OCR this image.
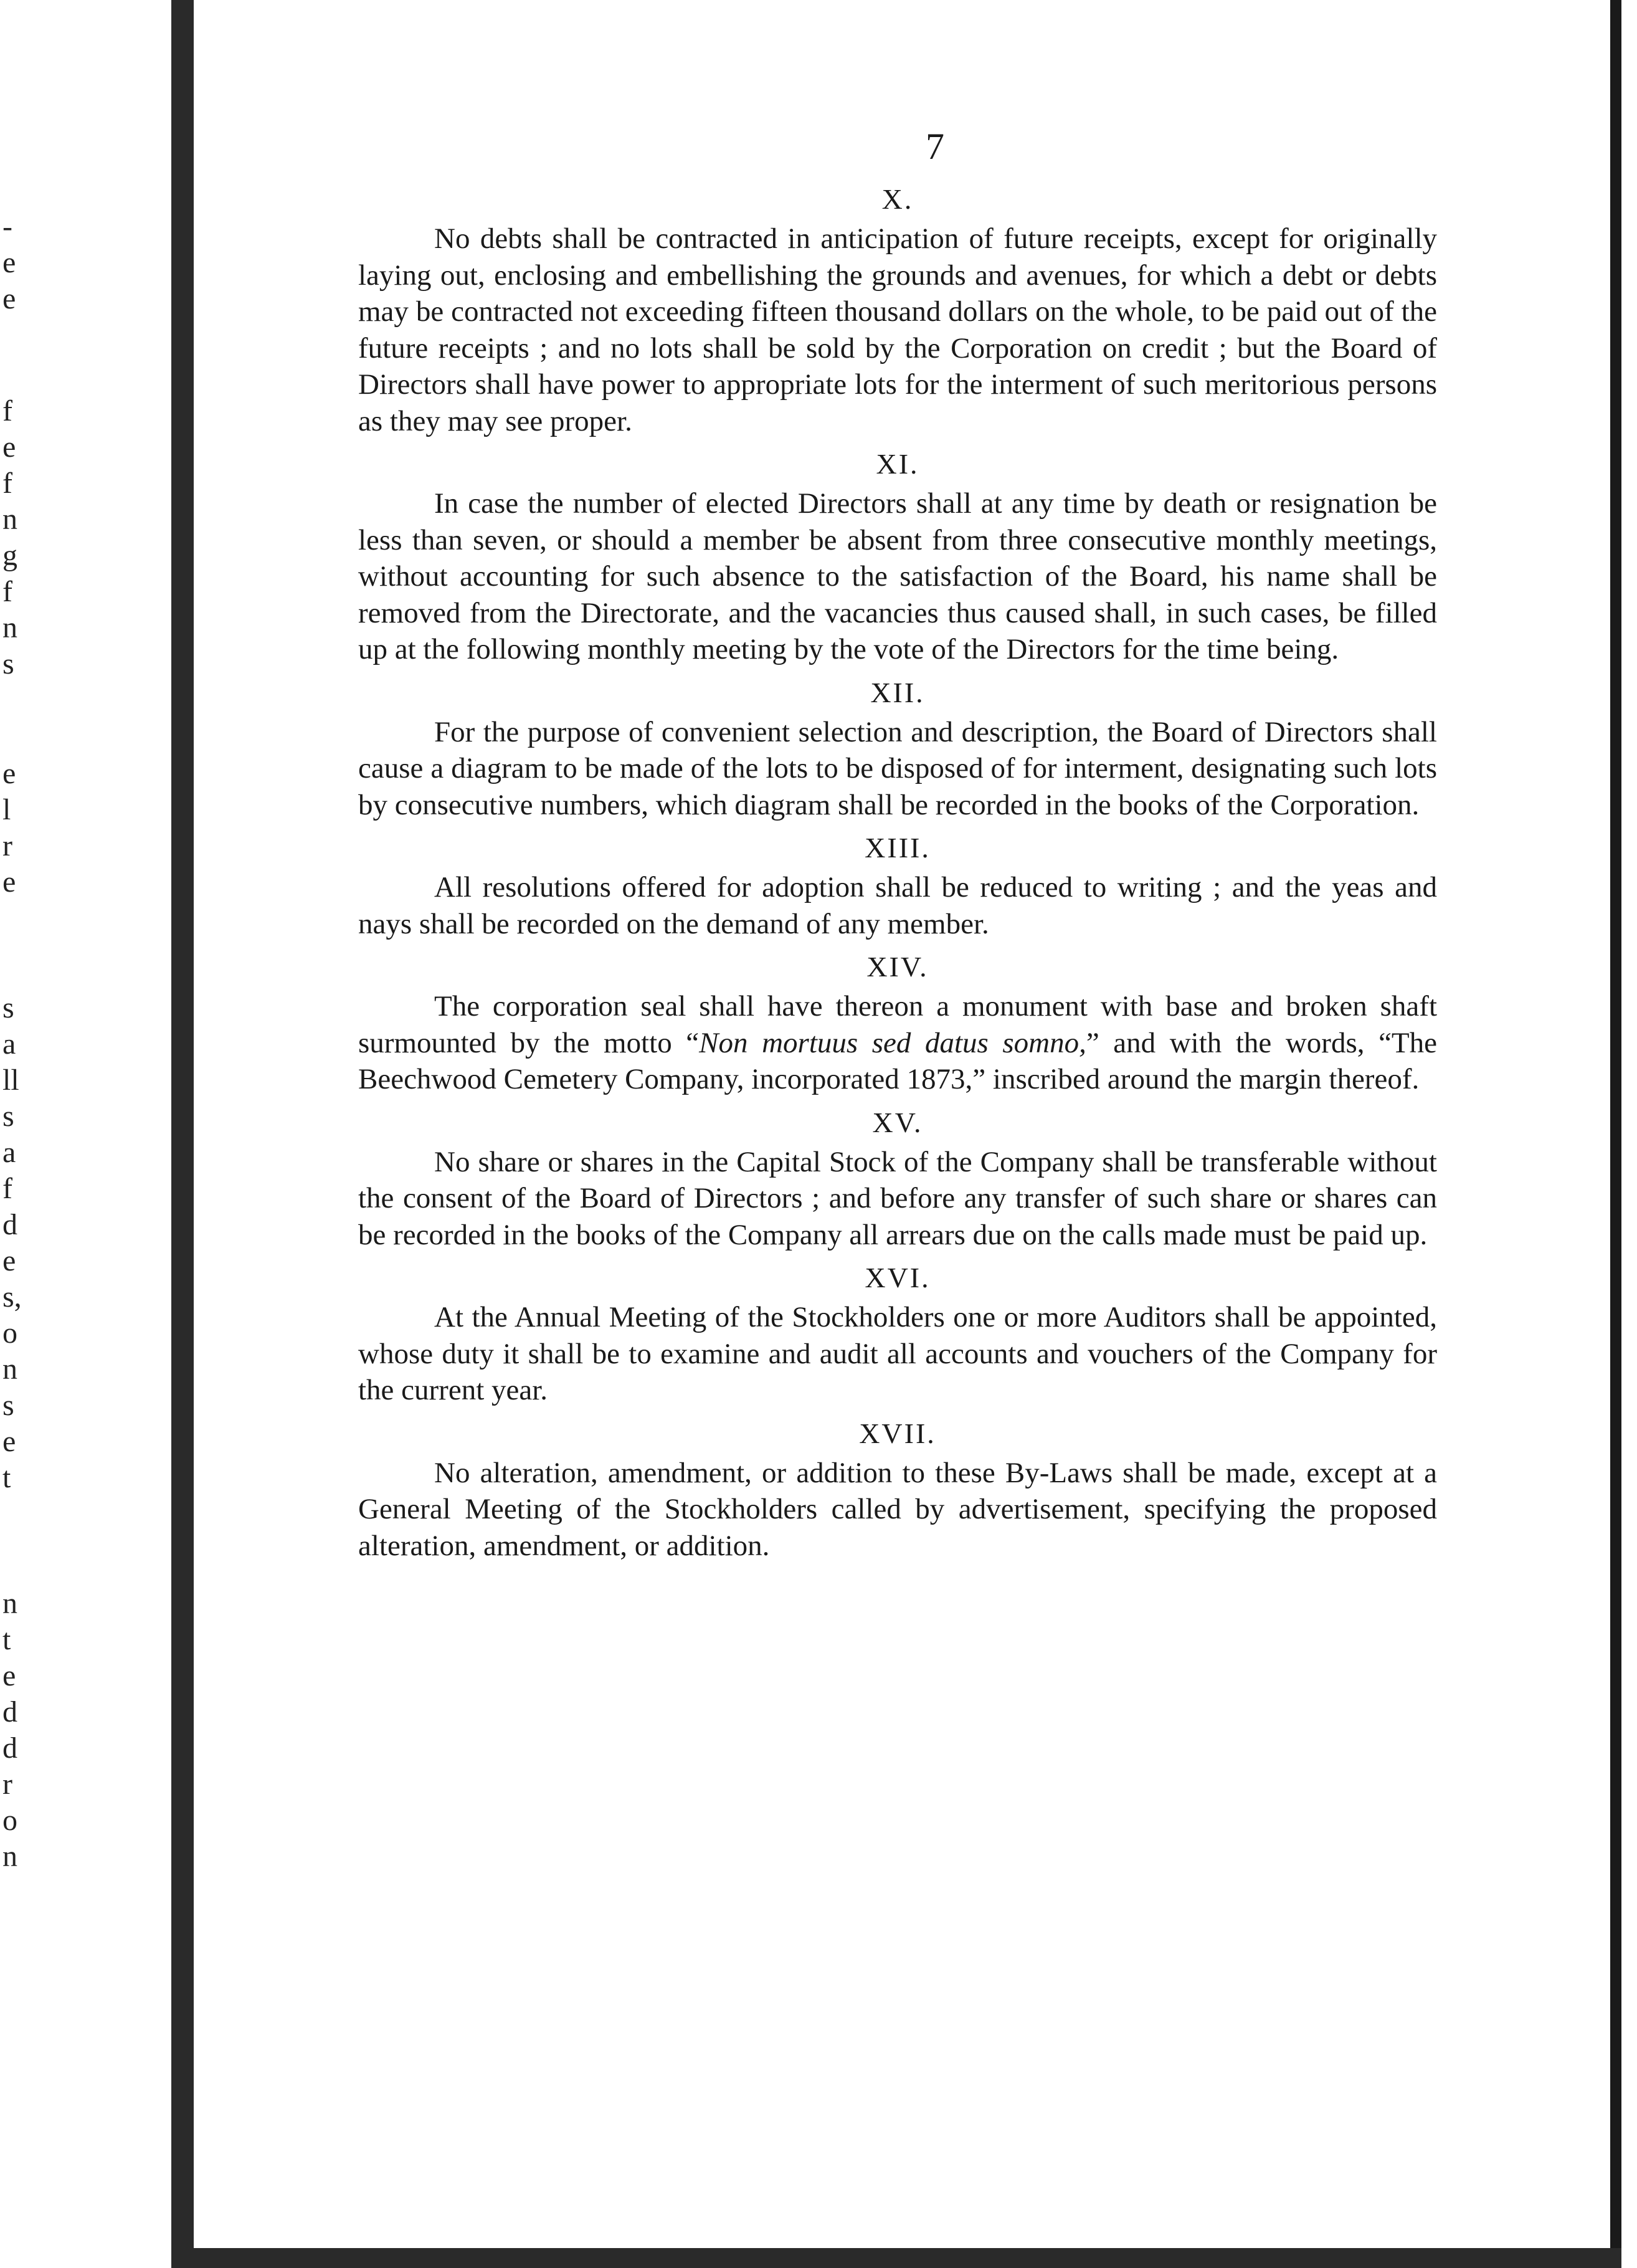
-
e
e
f
e
f
n
g
f
n
s
e
l
r
e
s
a
ll
s
a
f
d
e
s,
o
n
s
e
t
n
t
e
d
d
r
o
n
7
X.

No debts shall be contracted in anticipation of future receipts, except for originally laying out, enclosing and embellishing the grounds and avenues, for which a debt or debts may be contracted not exceeding fifteen thousand dollars on the whole, to be paid out of the future receipts ; and no lots shall be sold by the Corporation on credit ; but the Board of Directors shall have power to appropriate lots for the interment of such meritorious persons as they may see proper.

XI.

In case the number of elected Directors shall at any time by death or resignation be less than seven, or should a member be absent from three consecutive monthly meetings, without accounting for such absence to the satisfaction of the Board, his name shall be removed from the Directorate, and the vacancies thus caused shall, in such cases, be filled up at the following monthly meeting by the vote of the Directors for the time being.

XII.

For the purpose of convenient selection and description, the Board of Directors shall cause a diagram to be made of the lots to be disposed of for interment, designating such lots by consecutive numbers, which diagram shall be recorded in the books of the Corporation.

XIII.

All resolutions offered for adoption shall be reduced to writing ; and the yeas and nays shall be recorded on the demand of any member.

XIV.

The corporation seal shall have thereon a monument with base and broken shaft surmounted by the motto “Non mortuus sed datus somno,” and with the words, “The Beechwood Cemetery Company, incorporated 1873,” inscribed around the margin thereof.

XV.

No share or shares in the Capital Stock of the Company shall be transferable without the consent of the Board of Directors ; and before any transfer of such share or shares can be recorded in the books of the Company all arrears due on the calls made must be paid up.

XVI.

At the Annual Meeting of the Stockholders one or more Auditors shall be appointed, whose duty it shall be to examine and audit all accounts and vouchers of the Company for the current year.

XVII.

No alteration, amendment, or addition to these By-Laws shall be made, except at a General Meeting of the Stockholders called by advertisement, specifying the proposed alteration, amendment, or addition.
